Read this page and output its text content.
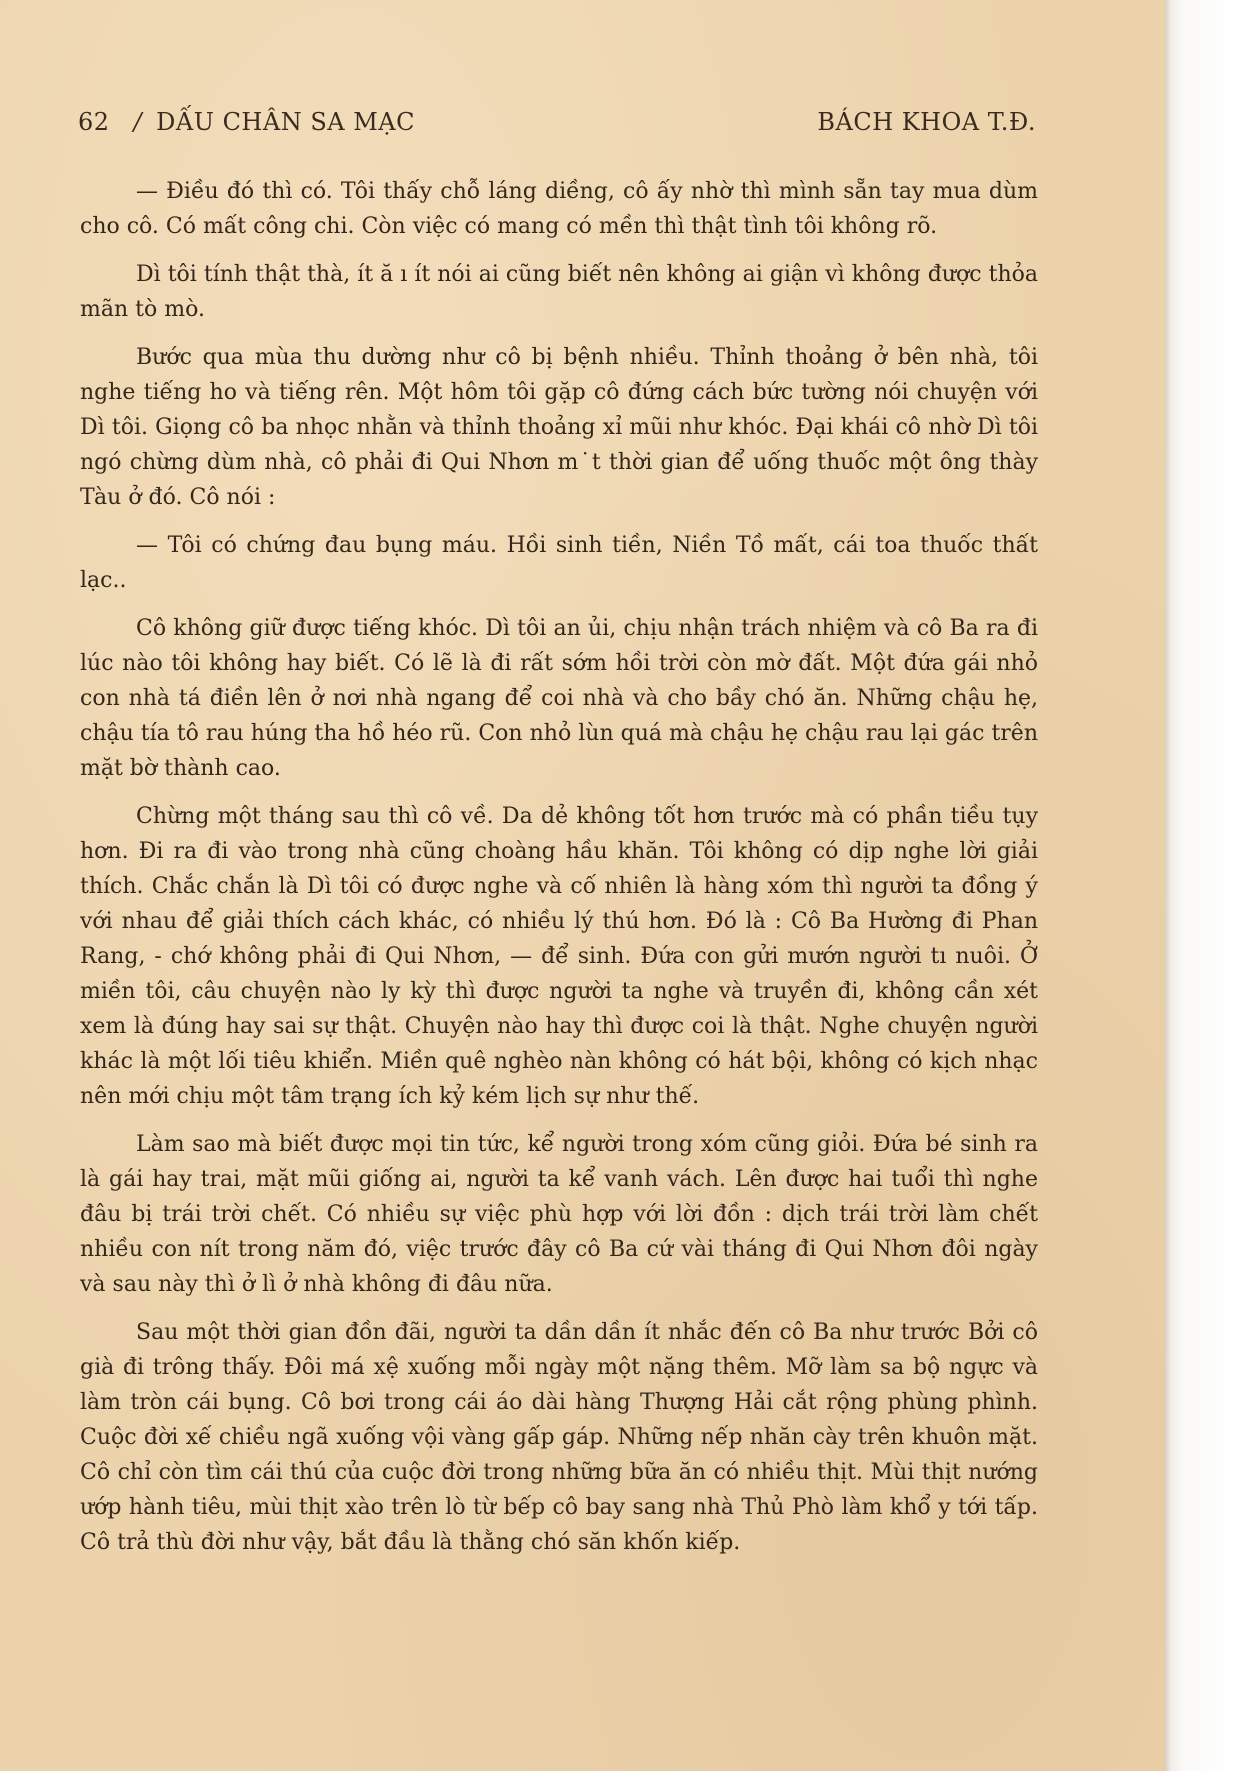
62 / DẤU CHÂN SA MẠC	BÁCH KHOA T.Đ.

— Điều đó thì có. Tôi thấy chỗ láng diềng, cô ấy nhờ thì mình sẵn tay mua dùm cho cô. Có mất công chi. Còn việc có mang có mền thì thật tình tôi không rõ.

Dì tôi tính thật thà, ít ă ı ít nói ai cũng biết nên không ai giận vì không được thỏa mãn tò mò.

Bước qua mùa thu dường như cô bị bệnh nhiều. Thỉnh thoảng ở bên nhà, tôi nghe tiếng ho và tiếng rên. Một hôm tôi gặp cô đứng cách bức tường nói chuyện với Dì tôi. Giọng cô ba nhọc nhằn và thỉnh thoảng xỉ mũi như khóc. Đại khái cô nhờ Dì tôi ngó chừng dùm nhà, cô phải đi Qui Nhơn m˙t thời gian để uống thuốc một ông thày Tàu ở đó. Cô nói :

— Tôi có chứng đau bụng máu. Hồi sinh tiền, Niền Tồ mất, cái toa thuốc thất lạc..

Cô không giữ được tiếng khóc. Dì tôi an ủi, chịu nhận trách nhiệm và cô Ba ra đi lúc nào tôi không hay biết. Có lẽ là đi rất sớm hồi trời còn mờ đất. Một đứa gái nhỏ con nhà tá điền lên ở nơi nhà ngang để coi nhà và cho bầy chó ăn. Những chậu hẹ, chậu tía tô rau húng tha hồ héo rũ. Con nhỏ lùn quá mà chậu hẹ chậu rau lại gác trên mặt bờ thành cao.

Chừng một tháng sau thì cô về. Da dẻ không tốt hơn trước mà có phần tiều tụy hơn. Đi ra đi vào trong nhà cũng choàng hầu khăn. Tôi không có dịp nghe lời giải thích. Chắc chắn là Dì tôi có được nghe và cố nhiên là hàng xóm thì người ta đồng ý với nhau để giải thích cách khác, có nhiều lý thú hơn. Đó là : Cô Ba Hường đi Phan Rang, - chớ không phải đi Qui Nhơn, — để sinh. Đứa con gửi mướn người tı nuôi. Ở miền tôi, câu chuyện nào ly kỳ thì được người ta nghe và truyền đi, không cần xét xem là đúng hay sai sự thật. Chuyện nào hay thì được coi là thật. Nghe chuyện người khác là một lối tiêu khiển. Miền quê nghèo nàn không có hát bội, không có kịch nhạc nên mới chịu một tâm trạng ích kỷ kém lịch sự như thế.

Làm sao mà biết được mọi tin tức, kể người trong xóm cũng giỏi. Đứa bé sinh ra là gái hay trai, mặt mũi giống ai, người ta kể vanh vách. Lên được hai tuổi thì nghe đâu bị trái trời chết. Có nhiều sự việc phù hợp với lời đồn : dịch trái trời làm chết nhiều con nít trong năm đó, việc trước đây cô Ba cứ vài tháng đi Qui Nhơn đôi ngày và sau này thì ở lì ở nhà không đi đâu nữa.

Sau một thời gian đồn đãi, người ta dần dần ít nhắc đến cô Ba như trước Bởi cô già đi trông thấy. Đôi má xệ xuống mỗi ngày một nặng thêm. Mỡ làm sa bộ ngực và làm tròn cái bụng. Cô bơi trong cái áo dài hàng Thượng Hải cắt rộng phùng phình. Cuộc đời xế chiều ngã xuống vội vàng gấp gáp. Những nếp nhăn cày trên khuôn mặt. Cô chỉ còn tìm cái thú của cuộc đời trong những bữa ăn có nhiều thịt. Mùi thịt nướng ướp hành tiêu, mùi thịt xào trên lò từ bếp cô bay sang nhà Thủ Phò làm khổ y tới tấp. Cô trả thù đời như vậy, bắt đầu là thằng chó săn khốn kiếp.
